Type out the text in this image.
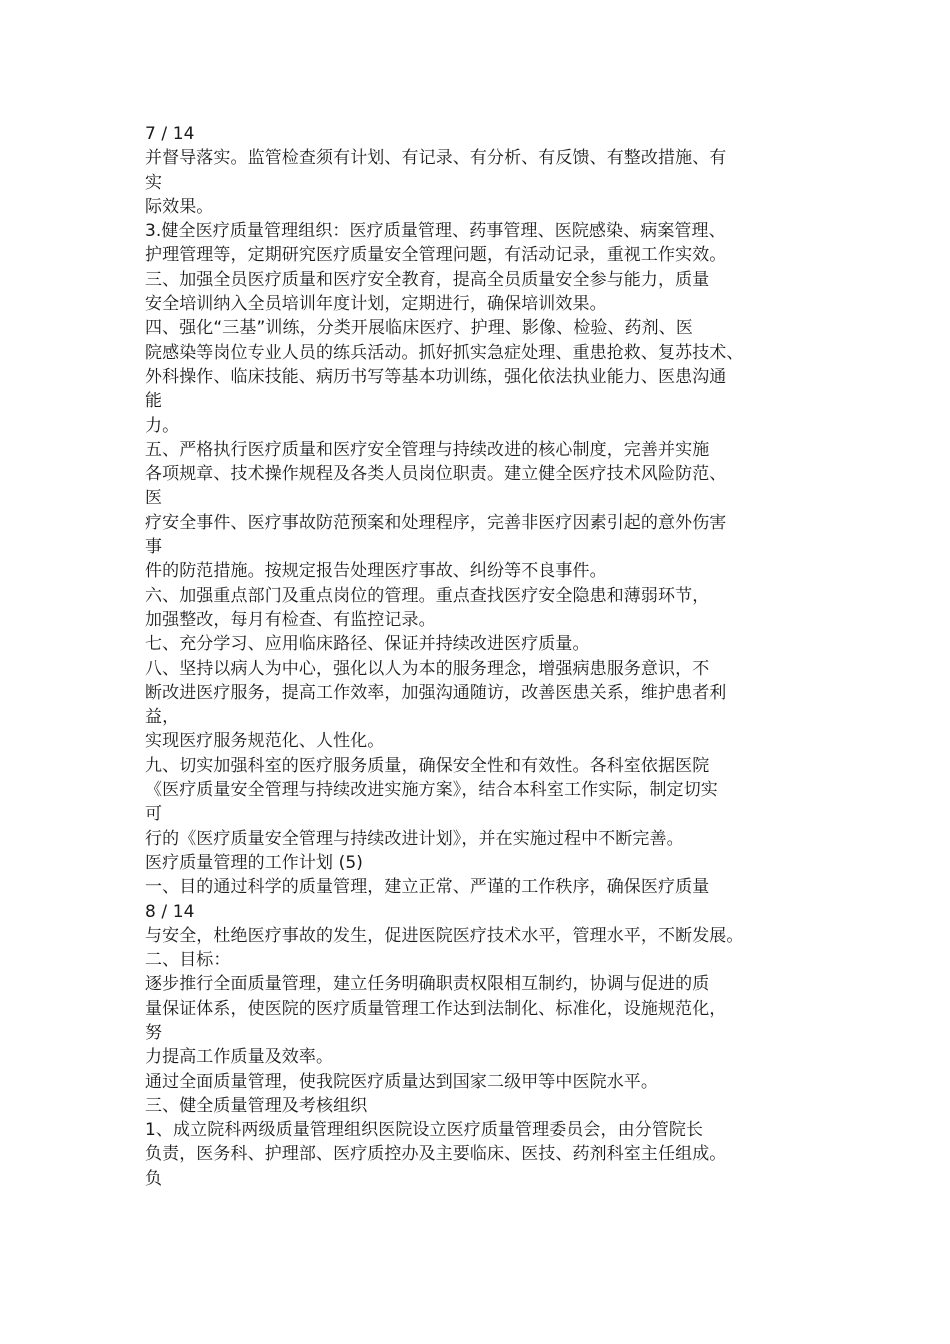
7 / 14
并督导落实。监管检查须有计划、有记录、有分析、有反馈、有整改措施、有
实
际效果。
3.健全医疗质量管理组织：医疗质量管理、药事管理、医院感染、病案管理、
护理管理等，定期研究医疗质量安全管理问题，有活动记录，重视工作实效。
三、加强全员医疗质量和医疗安全教育，提高全员质量安全参与能力，质量
安全培训纳入全员培训年度计划，定期进行，确保培训效果。
四、强化“三基”训练，分类开展临床医疗、护理、影像、检验、药剂、医
院感染等岗位专业人员的练兵活动。抓好抓实急症处理、重患抢救、复苏技术、
外科操作、临床技能、病历书写等基本功训练，强化依法执业能力、医患沟通
能
力。
五、严格执行医疗质量和医疗安全管理与持续改进的核心制度，完善并实施
各项规章、技术操作规程及各类人员岗位职责。建立健全医疗技术风险防范、
医
疗安全事件、医疗事故防范预案和处理程序，完善非医疗因素引起的意外伤害
事
件的防范措施。按规定报告处理医疗事故、纠纷等不良事件。
六、加强重点部门及重点岗位的管理。重点查找医疗安全隐患和薄弱环节，
加强整改，每月有检查、有监控记录。
七、充分学习、应用临床路径、保证并持续改进医疗质量。
八、坚持以病人为中心，强化以人为本的服务理念，增强病患服务意识，不
断改进医疗服务，提高工作效率，加强沟通随访，改善医患关系，维护患者利
益，
实现医疗服务规范化、人性化。
九、切实加强科室的医疗服务质量，确保安全性和有效性。各科室依据医院
《医疗质量安全管理与持续改进实施方案》，结合本科室工作实际，制定切实
可
行的《医疗质量安全管理与持续改进计划》，并在实施过程中不断完善。
医疗质量管理的工作计划 (5)
一、目的通过科学的质量管理，建立正常、严谨的工作秩序，确保医疗质量
8 / 14
与安全，杜绝医疗事故的发生，促进医院医疗技术水平，管理水平，不断发展。
二、目标：
逐步推行全面质量管理，建立任务明确职责权限相互制约，协调与促进的质
量保证体系，使医院的医疗质量管理工作达到法制化、标准化，设施规范化，
努
力提高工作质量及效率。
通过全面质量管理，使我院医疗质量达到国家二级甲等中医院水平。
三、健全质量管理及考核组织
1、成立院科两级质量管理组织医院设立医疗质量管理委员会，由分管院长
负责，医务科、护理部、医疗质控办及主要临床、医技、药剂科室主任组成。
负
